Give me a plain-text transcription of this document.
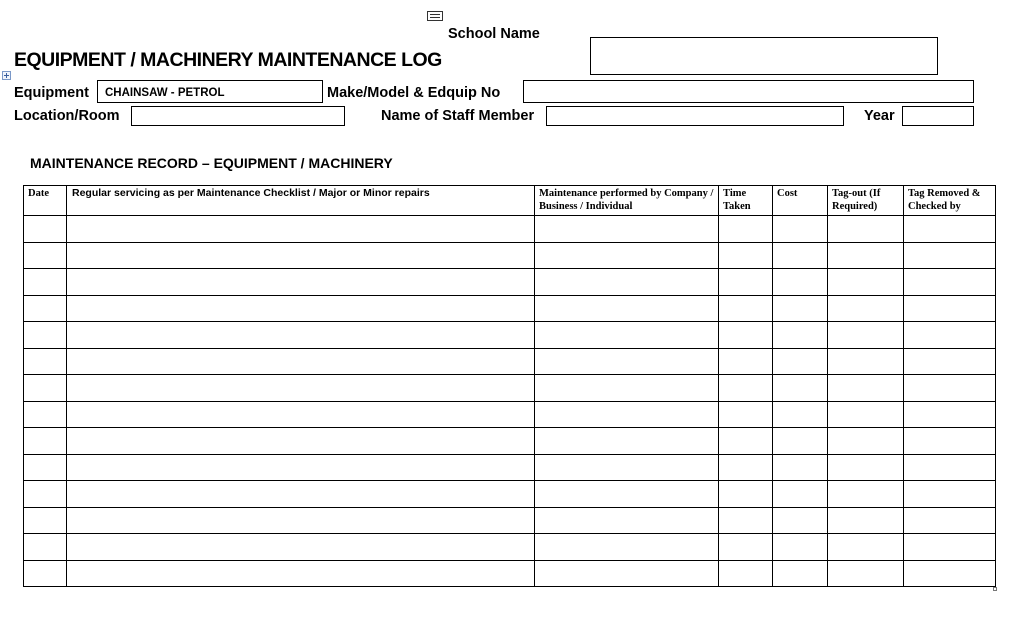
School Name
EQUIPMENT / MACHINERY MAINTENANCE LOG
Equipment CHAINSAW - PETROL	Make/Model & Edquip No
Location/Room	Name of Staff Member	Year
MAINTENANCE RECORD – EQUIPMENT / MACHINERY
Date	Regular servicing as per Maintenance Checklist / Major or Minor repairs	Maintenance performed by Company / Business / Individual	Time Taken	Cost	Tag-out (If Required)	Tag Removed & Checked by
